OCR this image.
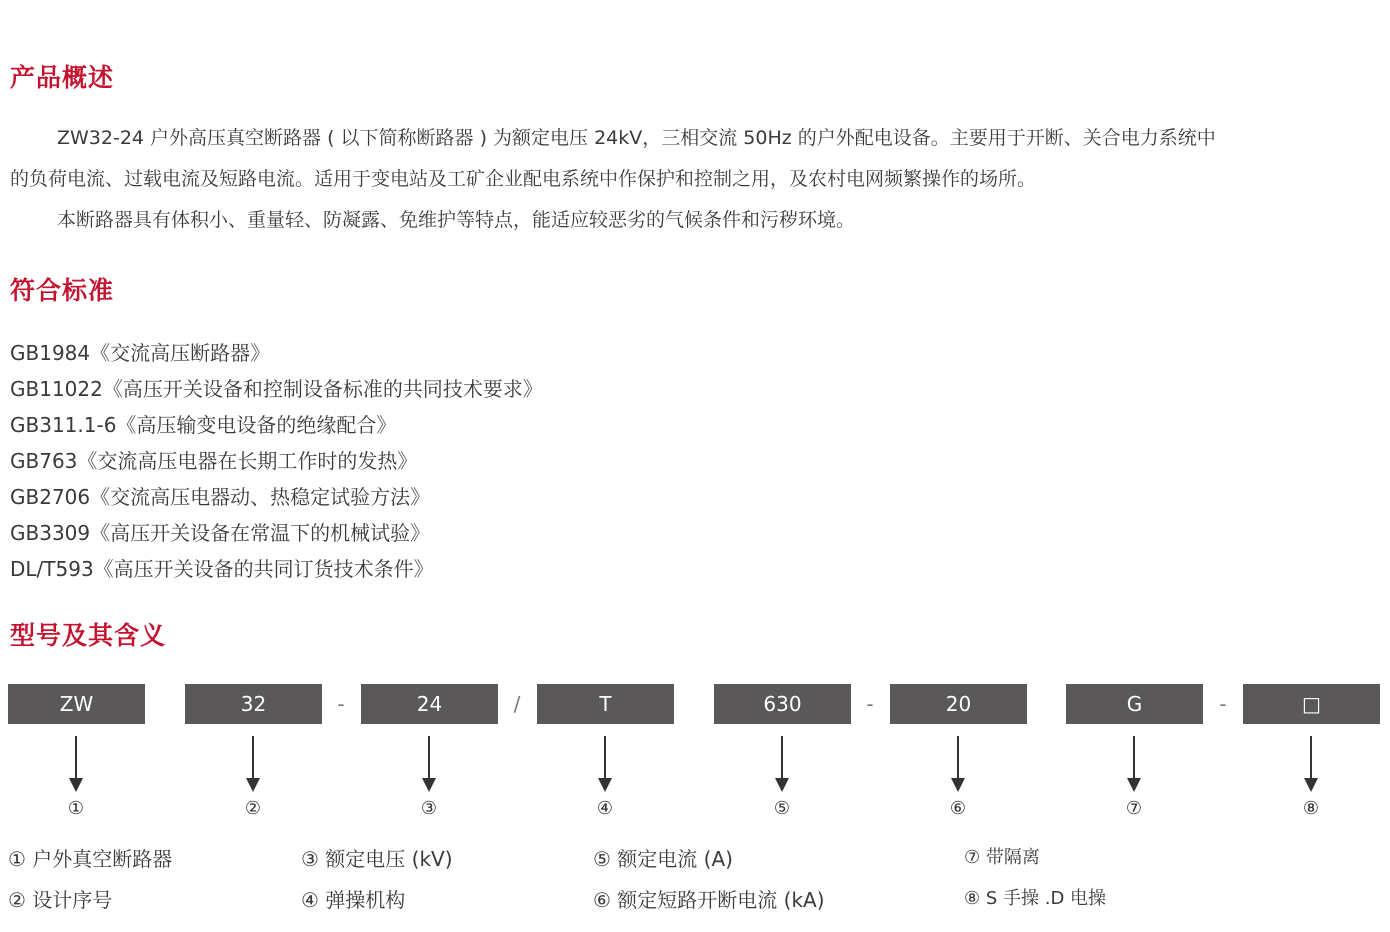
产品概述

ZW32-24 户外高压真空断路器 ( 以下简称断路器 ) 为额定电压 24kV，三相交流 50Hz 的户外配电设备。主要用于开断、关合电力系统中

的负荷电流、过载电流及短路电流。适用于变电站及工矿企业配电系统中作保护和控制之用，及农村电网频繁操作的场所。

本断路器具有体积小、重量轻、防凝露、免维护等特点，能适应较恶劣的气候条件和污秽环境。

符合标准

GB1984《交流高压断路器》

GB11022《高压开关设备和控制设备标准的共同技术要求》

GB311.1-6《高压输变电设备的绝缘配合》

GB763《交流高压电器在长期工作时的发热》

GB2706《交流高压电器动、热稳定试验方法》

GB3309《高压开关设备在常温下的机械试验》

DL/T593《高压开关设备的共同订货技术条件》

型号及其含义
ZW	32	-	24	/	T	630	-	20	G	-	□
①	②	③	④	⑤	⑥	⑦	⑧

① 户外真空断路器

② 设计序号

③ 额定电压 (kV)

④ 弹操机构

⑤ 额定电流 (A)

⑥ 额定短路开断电流 (kA)

⑦ 带隔离

⑧ S 手操 .D 电操
